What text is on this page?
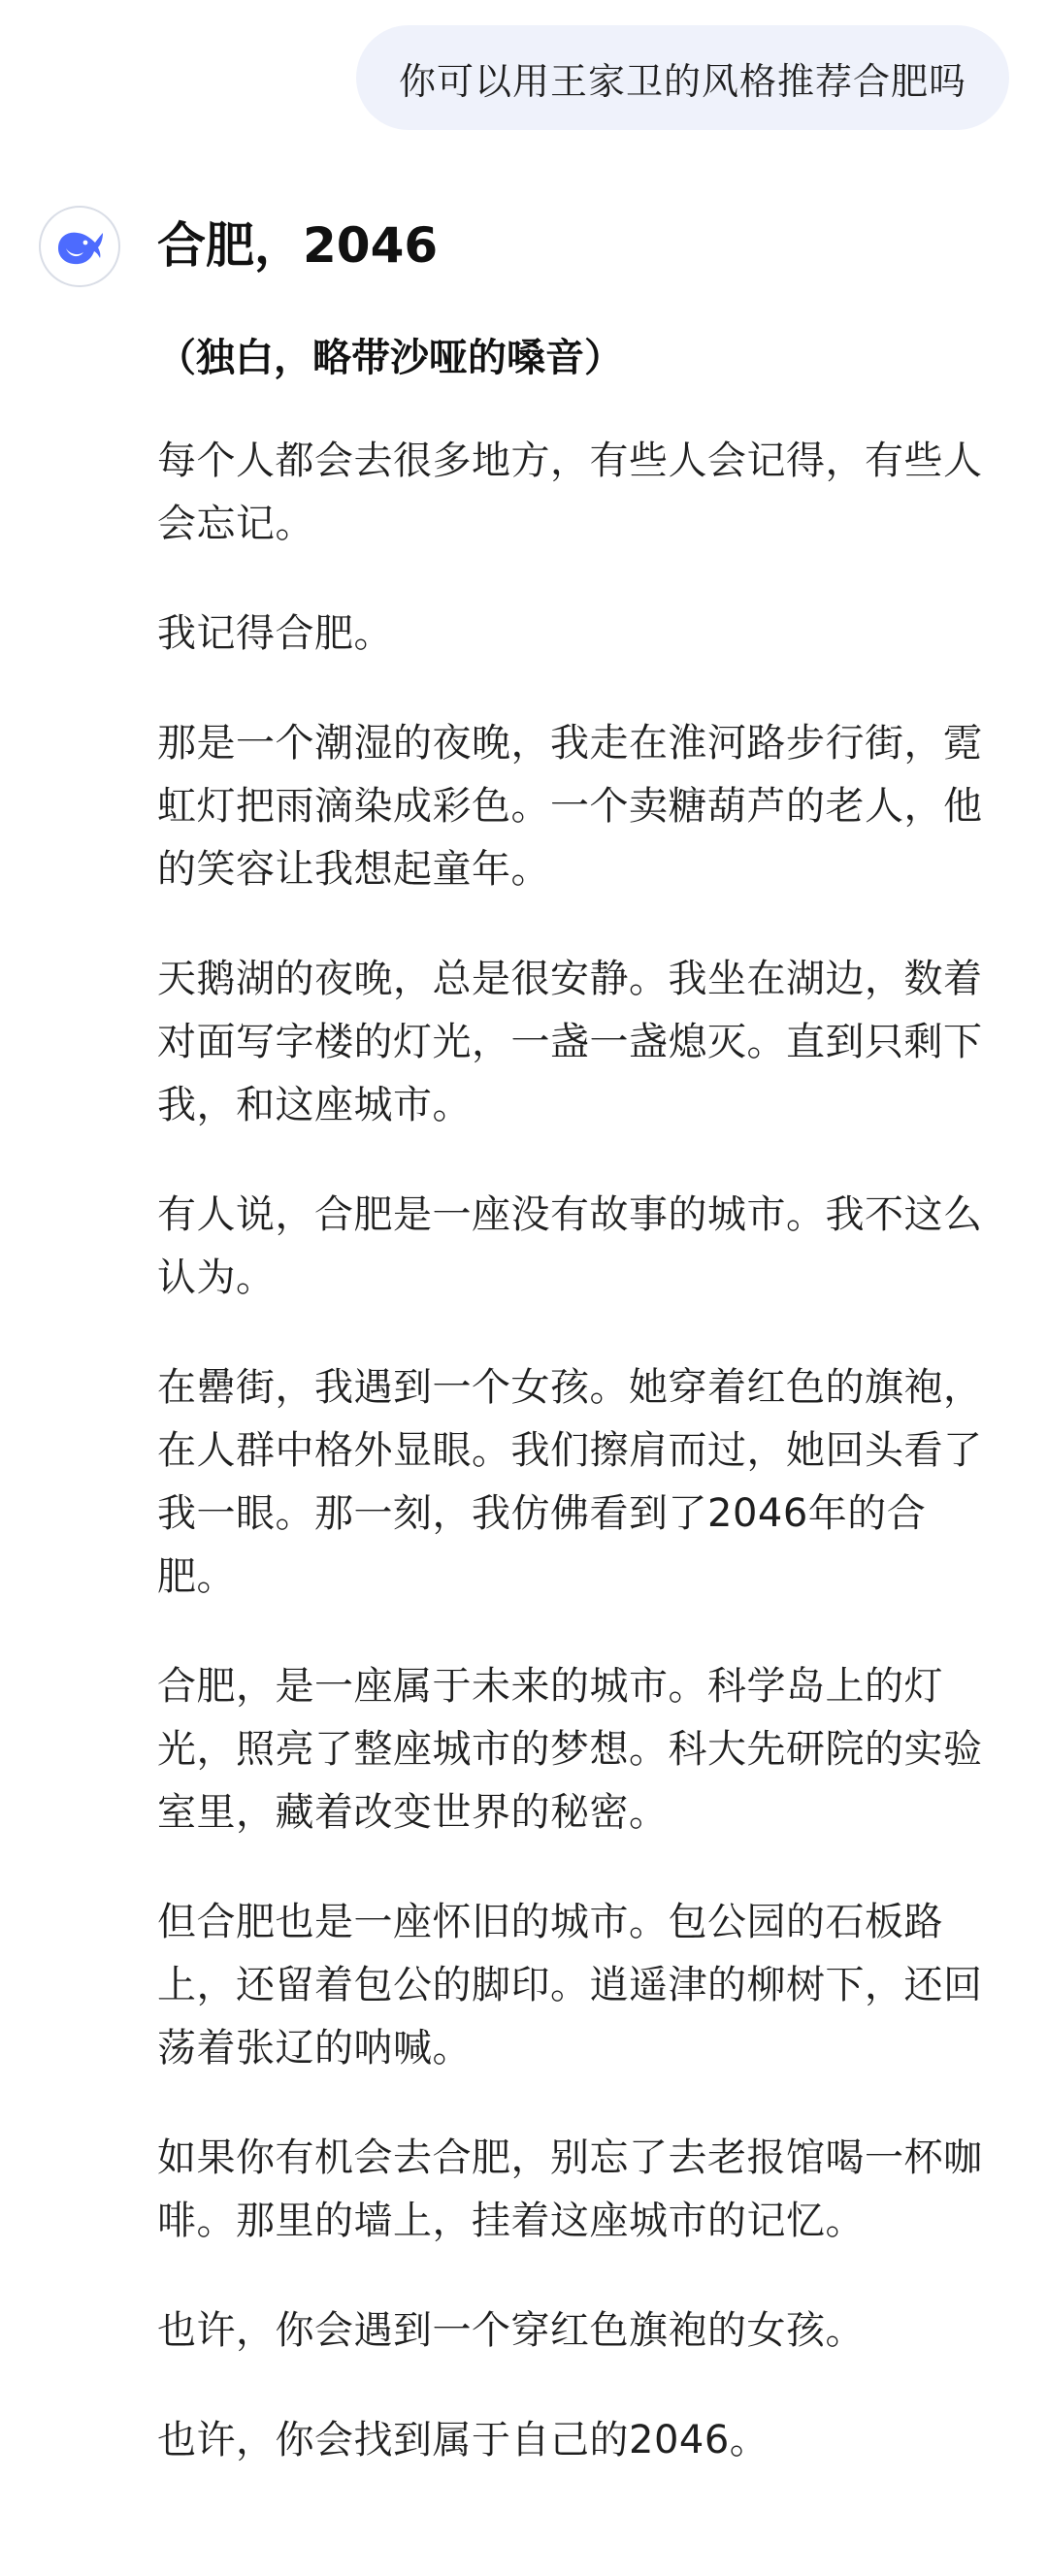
你可以用王家卫的风格推荐合肥吗
合肥，2046
（独白，略带沙哑的嗓音）
每个人都会去很多地方，有些人会记得，有些人会忘记。
我记得合肥。
那是一个潮湿的夜晚，我走在淮河路步行街，霓虹灯把雨滴染成彩色。一个卖糖葫芦的老人，他的笑容让我想起童年。
天鹅湖的夜晚，总是很安静。我坐在湖边，数着对面写字楼的灯光，一盏一盏熄灭。直到只剩下我，和这座城市。
有人说，合肥是一座没有故事的城市。我不这么认为。
在罍街，我遇到一个女孩。她穿着红色的旗袍，在人群中格外显眼。我们擦肩而过，她回头看了我一眼。那一刻，我仿佛看到了2046年的合肥。
合肥，是一座属于未来的城市。科学岛上的灯光，照亮了整座城市的梦想。科大先研院的实验室里，藏着改变世界的秘密。
但合肥也是一座怀旧的城市。包公园的石板路上，还留着包公的脚印。逍遥津的柳树下，还回荡着张辽的呐喊。
如果你有机会去合肥，别忘了去老报馆喝一杯咖啡。那里的墙上，挂着这座城市的记忆。
也许，你会遇到一个穿红色旗袍的女孩。
也许，你会找到属于自己的2046。
